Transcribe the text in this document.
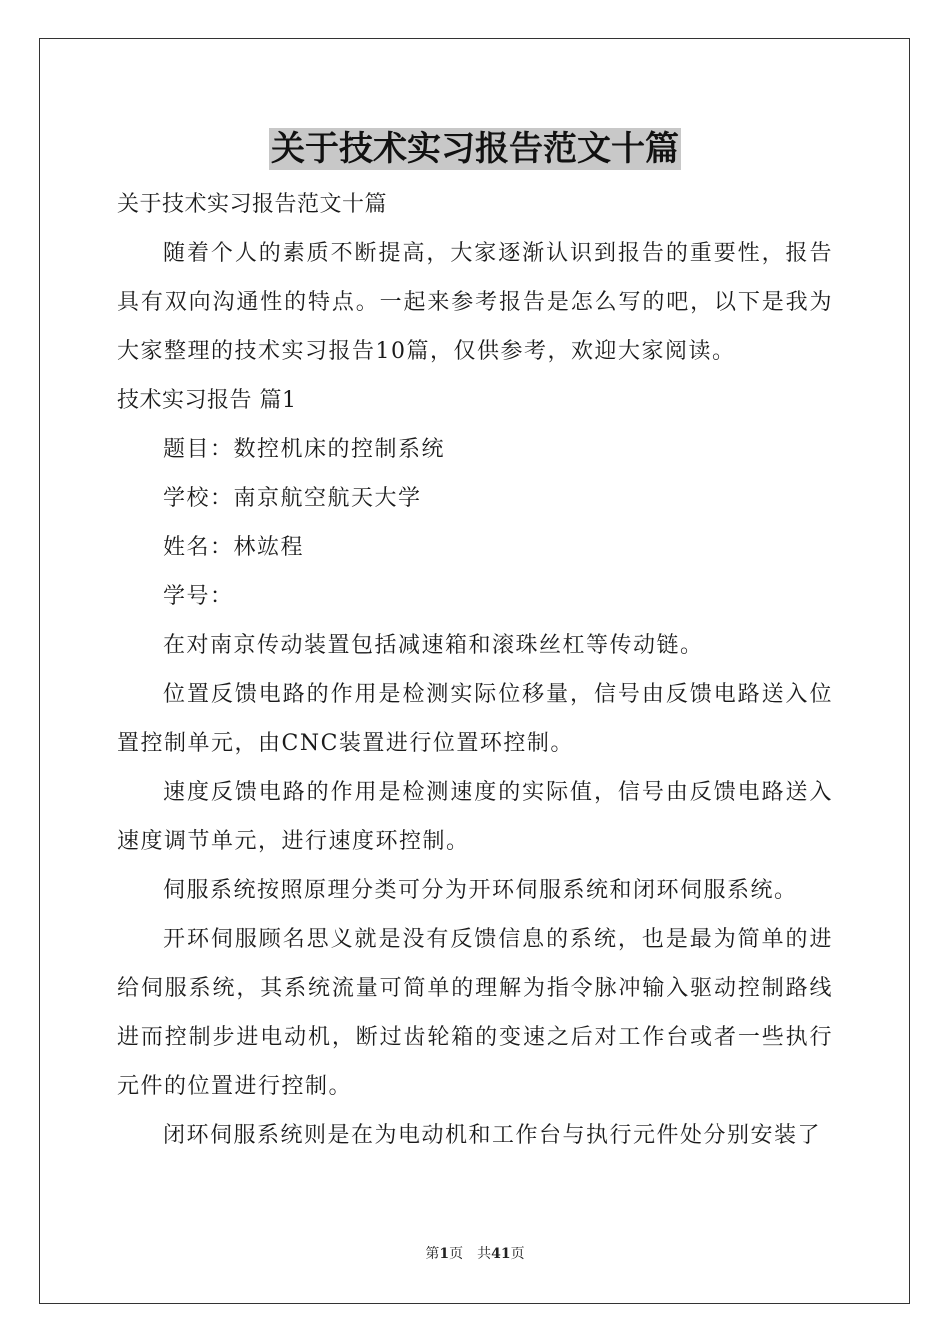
关于技术实习报告范文十篇

关于技术实习报告范文十篇

随着个人的素质不断提高，大家逐渐认识到报告的重要性，报告具有双向沟通性的特点。一起来参考报告是怎么写的吧，以下是我为大家整理的技术实习报告10篇，仅供参考，欢迎大家阅读。

技术实习报告 篇1

题目：数控机床的控制系统

学校：南京航空航天大学

姓名：林竑程

学号：

在对南京传动装置包括减速箱和滚珠丝杠等传动链。

位置反馈电路的作用是检测实际位移量，信号由反馈电路送入位置控制单元，由CNC装置进行位置环控制。

速度反馈电路的作用是检测速度的实际值，信号由反馈电路送入速度调节单元，进行速度环控制。

伺服系统按照原理分类可分为开环伺服系统和闭环伺服系统。

开环伺服顾名思义就是没有反馈信息的系统，也是最为简单的进给伺服系统，其系统流量可简单的理解为指令脉冲输入驱动控制路线进而控制步进电动机，断过齿轮箱的变速之后对工作台或者一些执行元件的位置进行控制。

闭环伺服系统则是在为电动机和工作台与执行元件处分别安装了

第1页 共41页
